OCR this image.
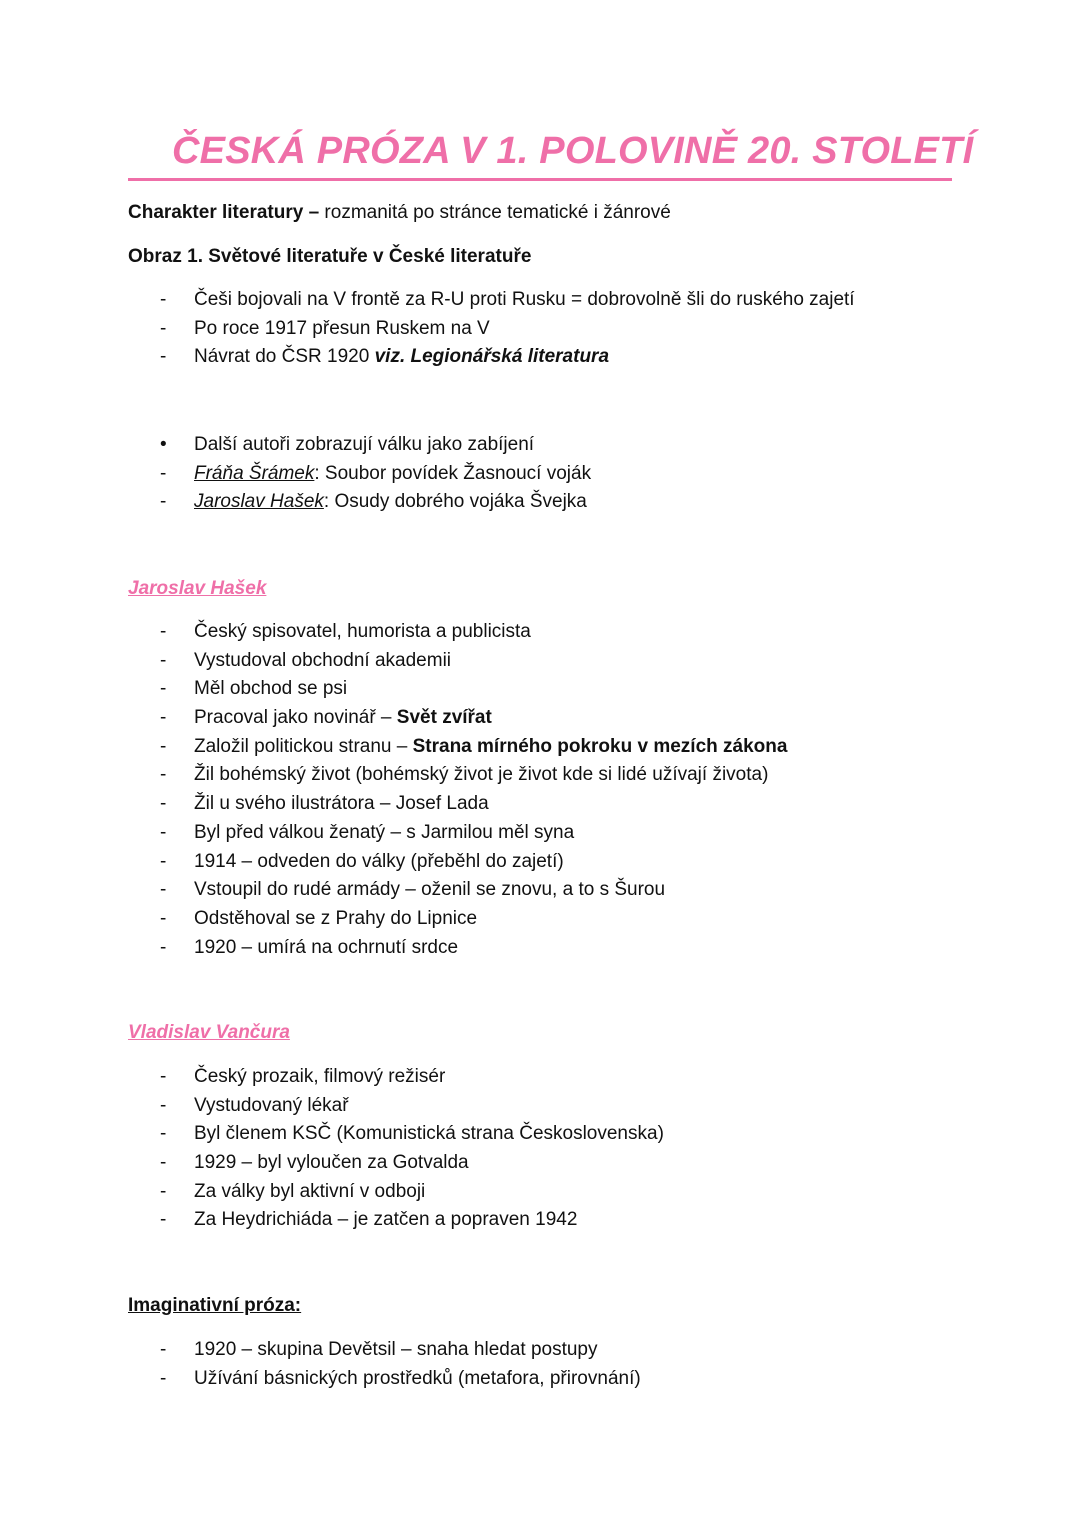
ČESKÁ PRÓZA V 1. POLOVINĚ 20. STOLETÍ
Charakter literatury – rozmanitá po stránce tematické i žánrové
Obraz 1. Světové literatuře v České literatuře
-	Češi bojovali na V frontě za R-U proti Rusku = dobrovolně šli do ruského zajetí
-	Po roce 1917 přesun Ruskem na V
-	Návrat do ČSR 1920 viz. Legionářská literatura
•	Další autoři zobrazují válku jako zabíjení
-	Fráňa Šrámek: Soubor povídek Žasnoucí voják
-	Jaroslav Hašek: Osudy dobrého vojáka Švejka
Jaroslav Hašek
-	Český spisovatel, humorista a publicista
-	Vystudoval obchodní akademii
-	Měl obchod se psi
-	Pracoval jako novinář – Svět zvířat
-	Založil politickou stranu – Strana mírného pokroku v mezích zákona
-	Žil bohémský život (bohémský život je život kde si lidé užívají života)
-	Žil u svého ilustrátora – Josef Lada
-	Byl před válkou ženatý – s Jarmilou měl syna
-	1914 – odveden do války (přeběhl do zajetí)
-	Vstoupil do rudé armády – oženil se znovu, a to s Šurou
-	Odstěhoval se z Prahy do Lipnice
-	1920 – umírá na ochrnutí srdce
Vladislav Vančura
-	Český prozaik, filmový režisér
-	Vystudovaný lékař
-	Byl členem KSČ (Komunistická strana Československa)
-	1929 – byl vyloučen za Gotvalda
-	Za války byl aktivní v odboji
-	Za Heydrichiáda – je zatčen a popraven 1942
Imaginativní próza:
-	1920 – skupina Devětsil – snaha hledat postupy
-	Užívání básnických prostředků (metafora, přirovnání)
